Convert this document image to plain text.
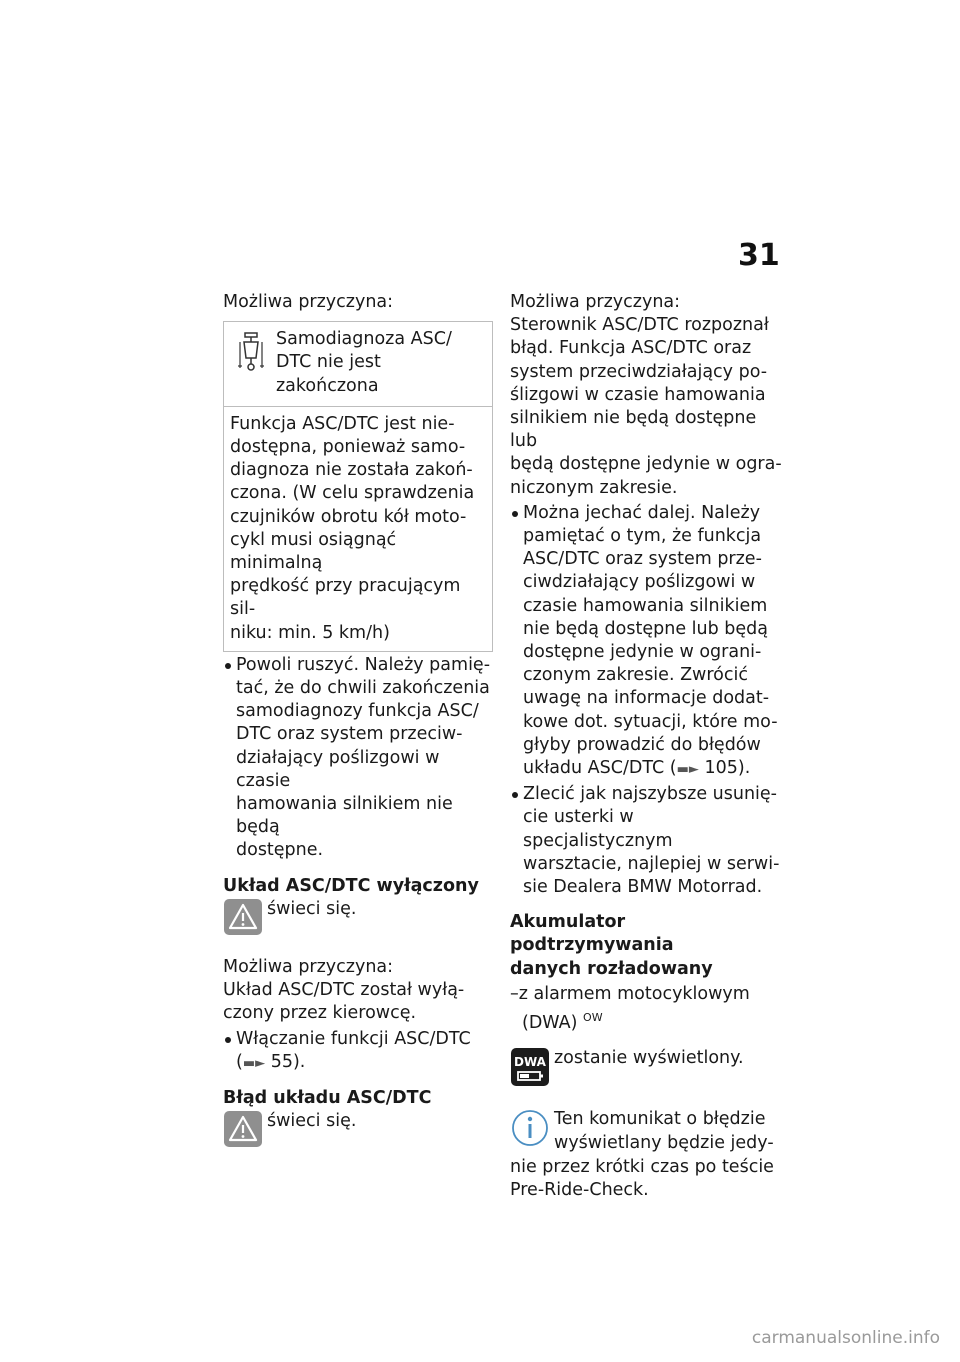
31

Możliwa przyczyna:

Samodiagnoza ASC/

DTC nie jest zakończona

Funkcja ASC/DTC jest nie-

dostępna, ponieważ samo-

diagnoza nie została zakoń-

czona. (W celu sprawdzenia

czujników obrotu kół moto-

cykl musi osiągnąć minimalną

prędkość przy pracującym sil-

niku: min. 5 km/h)

Powoli ruszyć. Należy pamię-

tać, że do chwili zakończenia

samodiagnozy funkcja ASC/

DTC oraz system przeciw-

działający poślizgowi w czasie

hamowania silnikiem nie będą

dostępne.

Układ ASC/DTC wyłączony

świeci się.

Możliwa przyczyna:

Układ ASC/DTC został wyłą-

czony przez kierowcę.

Włączanie funkcji ASC/DTC

(▬► 55).

Błąd układu ASC/DTC

świeci się.

Możliwa przyczyna:

Sterownik ASC/DTC rozpoznał

błąd. Funkcja ASC/DTC oraz

system przeciwdziałający po-

ślizgowi w czasie hamowania

silnikiem nie będą dostępne lub

będą dostępne jedynie w ogra-

niczonym zakresie.

Można jechać dalej. Należy

pamiętać o tym, że funkcja

ASC/DTC oraz system prze-

ciwdziałający poślizgowi w

czasie hamowania silnikiem

nie będą dostępne lub będą

dostępne jedynie w ograni-

czonym zakresie. Zwrócić

uwagę na informacje dodat-

kowe dot. sytuacji, które mo-

głyby prowadzić do błędów

układu ASC/DTC (▬► 105).

Zlecić jak najszybsze usunię-

cie usterki w specjalistycznym

warsztacie, najlepiej w serwi-

sie Dealera BMW Motorrad.

Akumulator podtrzymywania

danych rozładowany

–z alarmem motocyklowym

(DWA) $^{OW}$

DWA zostanie wyświetlony.

Ten komunikat o błędzie

wyświetlany będzie jedy-

nie przez krótki czas po teście

Pre-Ride-Check.

carmanualsonline.info
